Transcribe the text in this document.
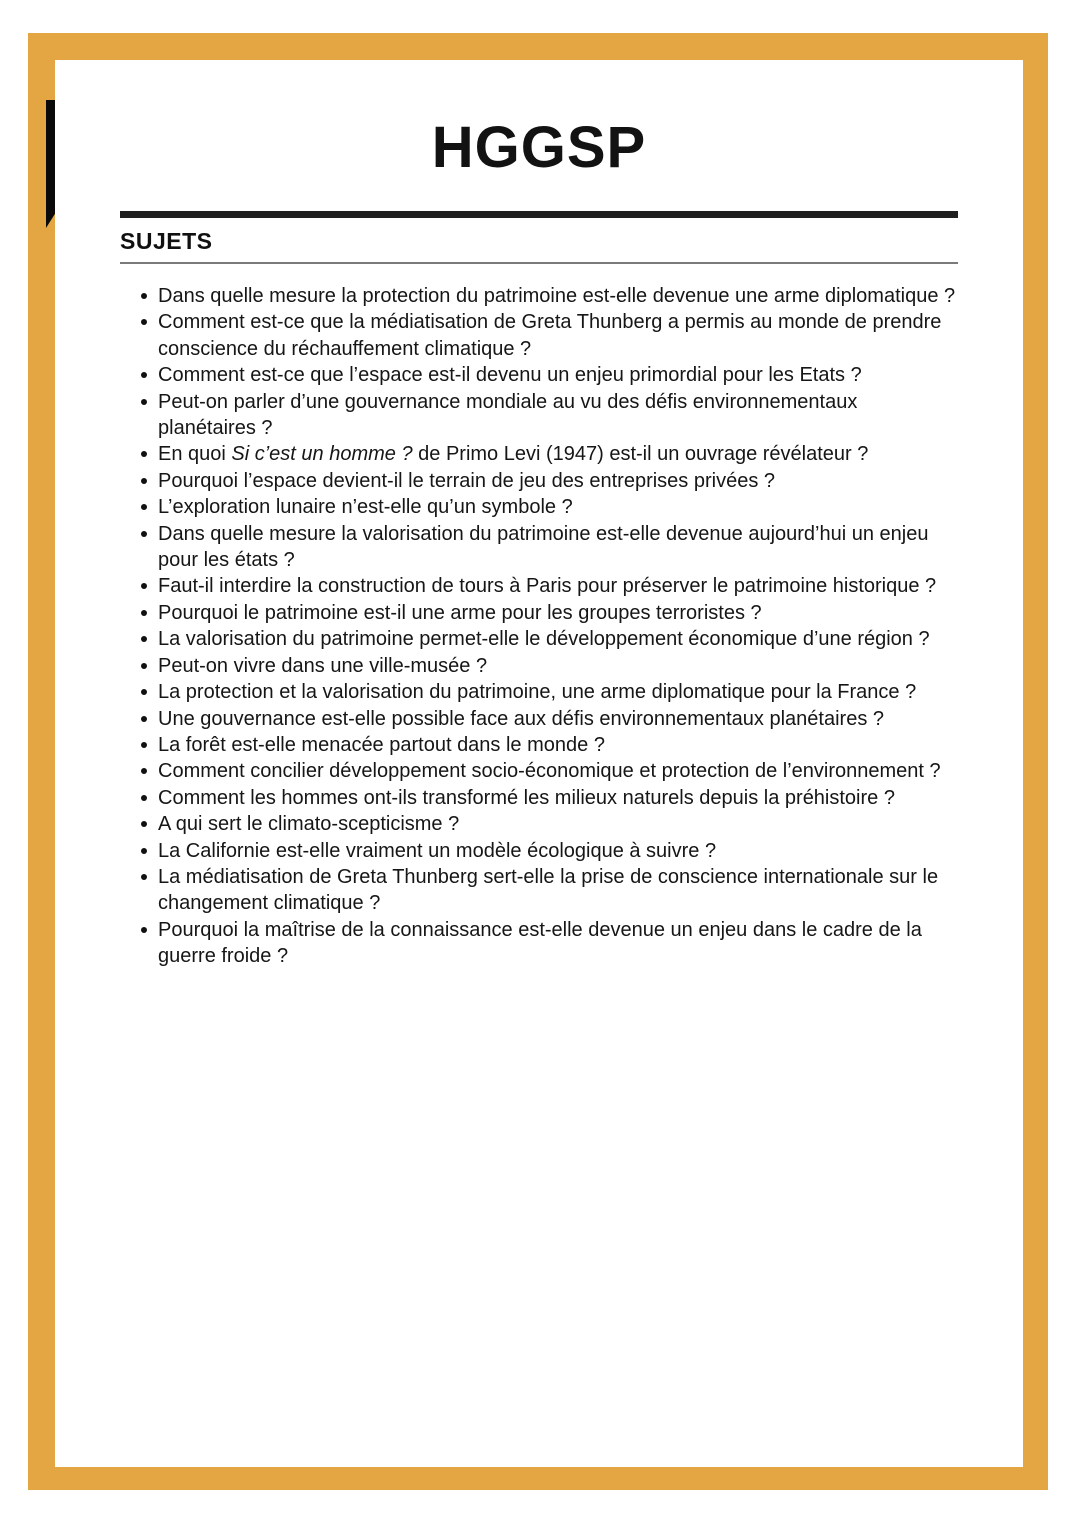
HGGSP
SUJETS
Dans quelle mesure la protection du patrimoine est-elle devenue une arme diplomatique ?
Comment est-ce que la médiatisation de Greta Thunberg a permis au monde de prendre conscience du réchauffement climatique ?
Comment est-ce que l’espace est-il devenu un enjeu primordial pour les Etats ?
Peut-on parler d’une gouvernance mondiale au vu des défis environnementaux planétaires ?
En quoi Si c’est un homme ? de Primo Levi (1947) est-il un ouvrage révélateur ?
Pourquoi l’espace devient-il le terrain de jeu des entreprises privées ?
L’exploration lunaire n’est-elle qu’un symbole ?
Dans quelle mesure la valorisation du patrimoine est-elle devenue aujourd’hui un enjeu pour les états ?
Faut-il interdire la construction de tours à Paris pour préserver le patrimoine historique ?
Pourquoi le patrimoine est-il une arme pour les groupes terroristes ?
La valorisation du patrimoine permet-elle le développement économique d’une région ?
Peut-on vivre dans une ville-musée ?
La protection et la valorisation du patrimoine, une arme diplomatique pour la France ?
Une gouvernance est-elle possible face aux défis environnementaux planétaires ?
La forêt est-elle menacée partout dans le monde ?
Comment concilier développement socio-économique et protection de l’environnement ?
Comment les hommes ont-ils transformé les milieux naturels depuis la préhistoire ?
A qui sert le climato-scepticisme ?
La Californie est-elle vraiment un modèle écologique à suivre ?
La médiatisation de Greta Thunberg sert-elle la prise de conscience internationale sur le changement climatique ?
Pourquoi la maîtrise de la connaissance est-elle devenue un enjeu dans le cadre de la guerre froide ?
